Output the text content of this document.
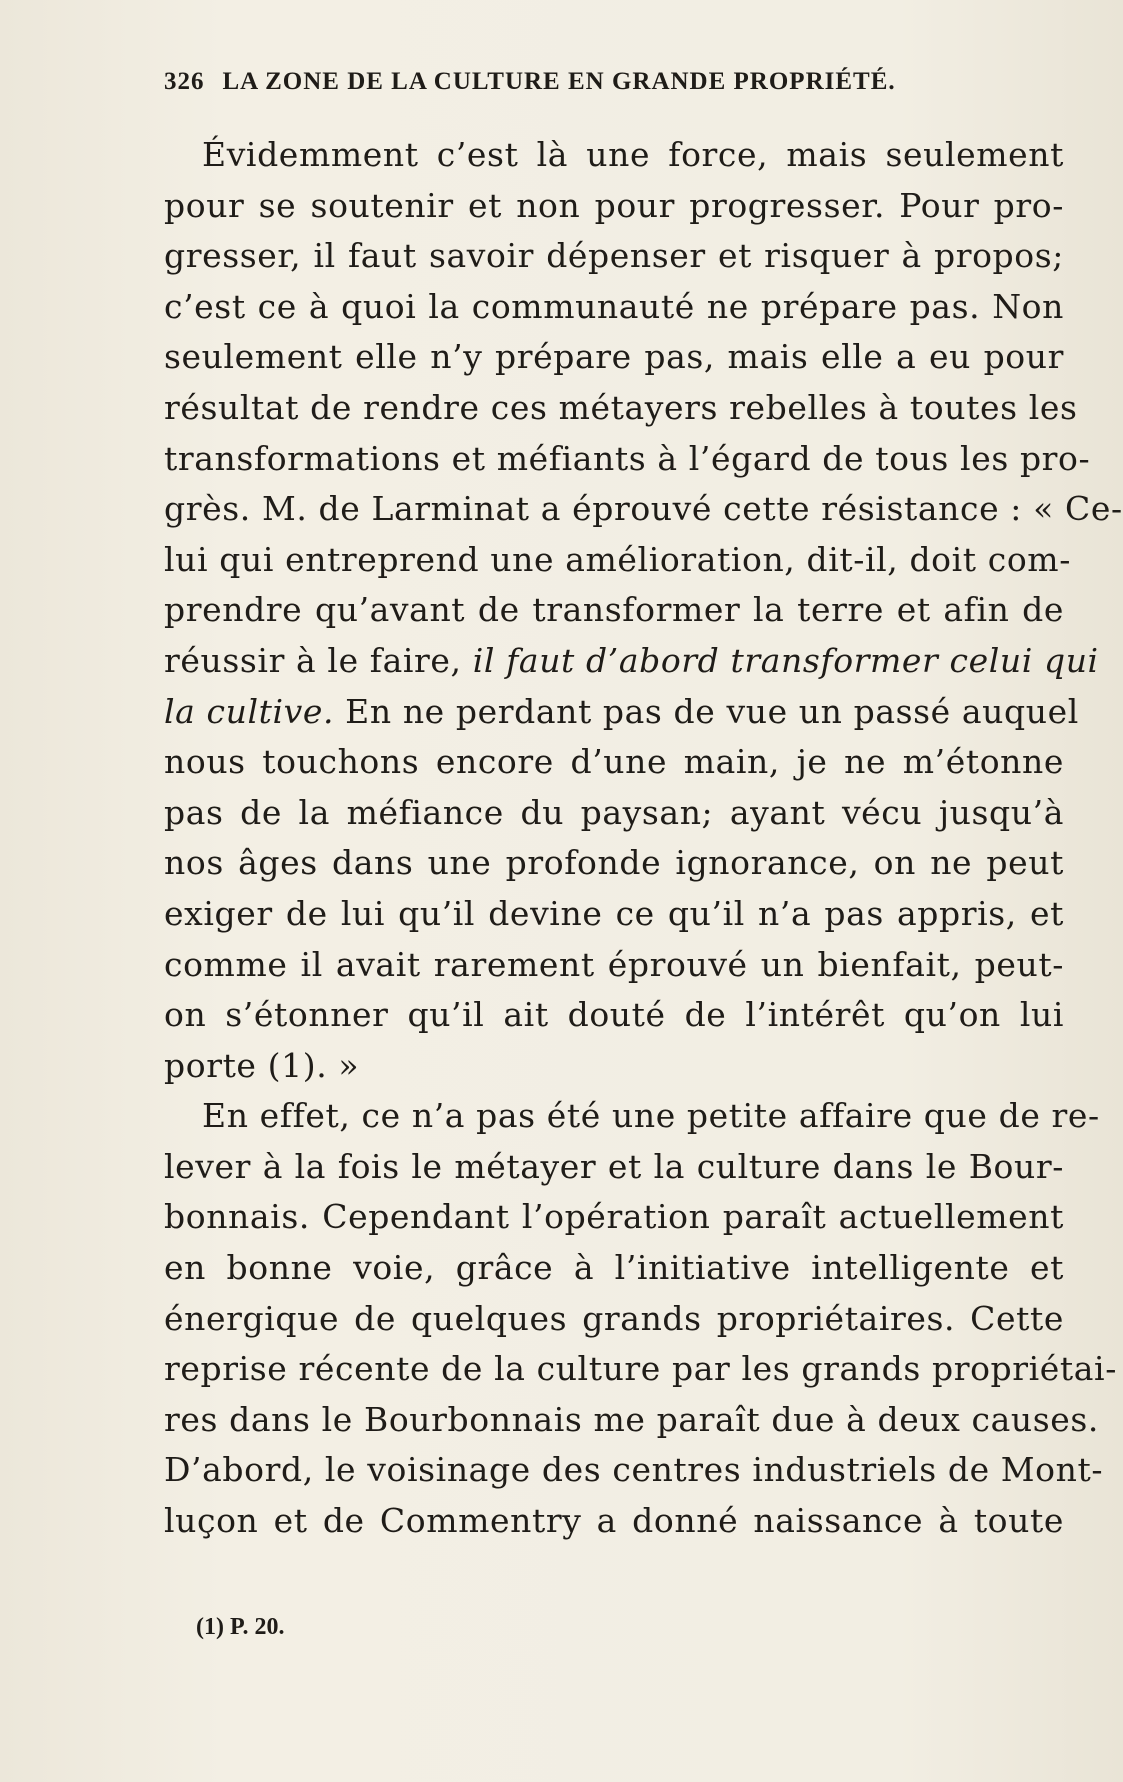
326 LA ZONE DE LA CULTURE EN GRANDE PROPRIÉTÉ.
Évidemment c’est là une force, mais seulement
pour se soutenir et non pour progresser. Pour pro-
gresser, il faut savoir dépenser et risquer à propos;
c’est ce à quoi la communauté ne prépare pas. Non
seulement elle n’y prépare pas, mais elle a eu pour
résultat de rendre ces métayers rebelles à toutes les
transformations et méfiants à l’égard de tous les pro-
grès. M. de Larminat a éprouvé cette résistance : « Ce-
lui qui entreprend une amélioration, dit-il, doit com-
prendre qu’avant de transformer la terre et afin de
réussir à le faire, il faut d’abord transformer celui qui
la cultive. En ne perdant pas de vue un passé auquel
nous touchons encore d’une main, je ne m’étonne
pas de la méfiance du paysan; ayant vécu jusqu’à
nos âges dans une profonde ignorance, on ne peut
exiger de lui qu’il devine ce qu’il n’a pas appris, et
comme il avait rarement éprouvé un bienfait, peut-
on s’étonner qu’il ait douté de l’intérêt qu’on lui
porte (1). »
En effet, ce n’a pas été une petite affaire que de re-
lever à la fois le métayer et la culture dans le Bour-
bonnais. Cependant l’opération paraît actuellement
en bonne voie, grâce à l’initiative intelligente et
énergique de quelques grands propriétaires. Cette
reprise récente de la culture par les grands propriétai-
res dans le Bourbonnais me paraît due à deux causes.
D’abord, le voisinage des centres industriels de Mont-
luçon et de Commentry a donné naissance à toute
(1) P. 20.
